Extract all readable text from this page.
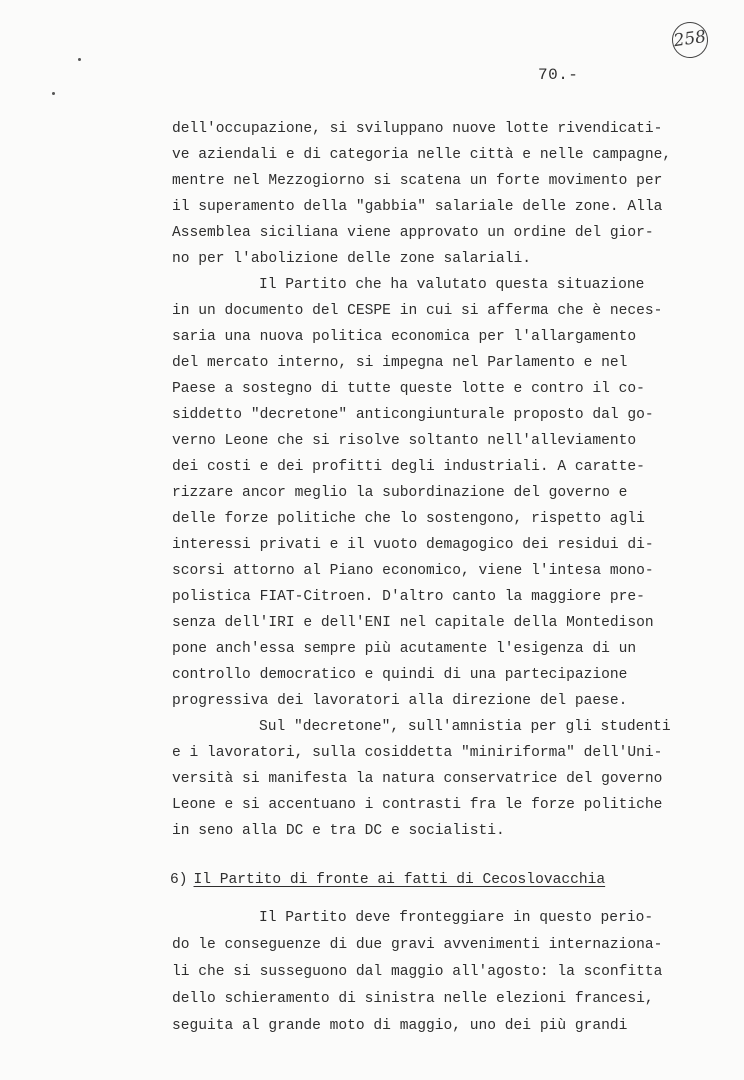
258
70.-
dell'occupazione, si sviluppano nuove lotte rivendicati-
ve aziendali e di categoria nelle città e nelle campagne,
mentre nel Mezzogiorno si scatena un forte movimento per
il superamento della "gabbia" salariale delle zone. Alla
Assemblea siciliana viene approvato un ordine del gior-
no per l'abolizione delle zone salariali.
Il Partito che ha valutato questa situazione
in un documento del CESPE in cui si afferma che è neces-
saria una nuova politica economica per l'allargamento
del mercato interno, si impegna nel Parlamento e nel
Paese a sostegno di tutte queste lotte e contro il co-
siddetto "decretone" anticongiunturale proposto dal go-
verno Leone che si risolve soltanto nell'alleviamento
dei costi e dei profitti degli industriali. A caratte-
rizzare ancor meglio la subordinazione del governo e
delle forze politiche che lo sostengono, rispetto agli
interessi privati e il vuoto demagogico dei residui di-
scorsi attorno al Piano economico, viene l'intesa mono-
polistica FIAT-Citroen. D'altro canto la maggiore pre-
senza dell'IRI e dell'ENI nel capitale della Montedison
pone anch'essa sempre più acutamente l'esigenza di un
controllo democratico e quindi di una partecipazione
progressiva dei lavoratori alla direzione del paese.
Sul "decretone", sull'amnistia per gli studenti
e i lavoratori, sulla cosiddetta "miniriforma" dell'Uni-
versità si manifesta la natura conservatrice del governo
Leone e si accentuano i contrasti fra le forze politiche
in seno alla DC e tra DC e socialisti.
6) Il Partito di fronte ai fatti di Cecoslovacchia
Il Partito deve fronteggiare in questo perio-
do le conseguenze di due gravi avvenimenti internaziona-
li che si susseguono dal maggio all'agosto: la sconfitta
dello schieramento di sinistra nelle elezioni francesi,
seguita al grande moto di maggio, uno dei più grandi
